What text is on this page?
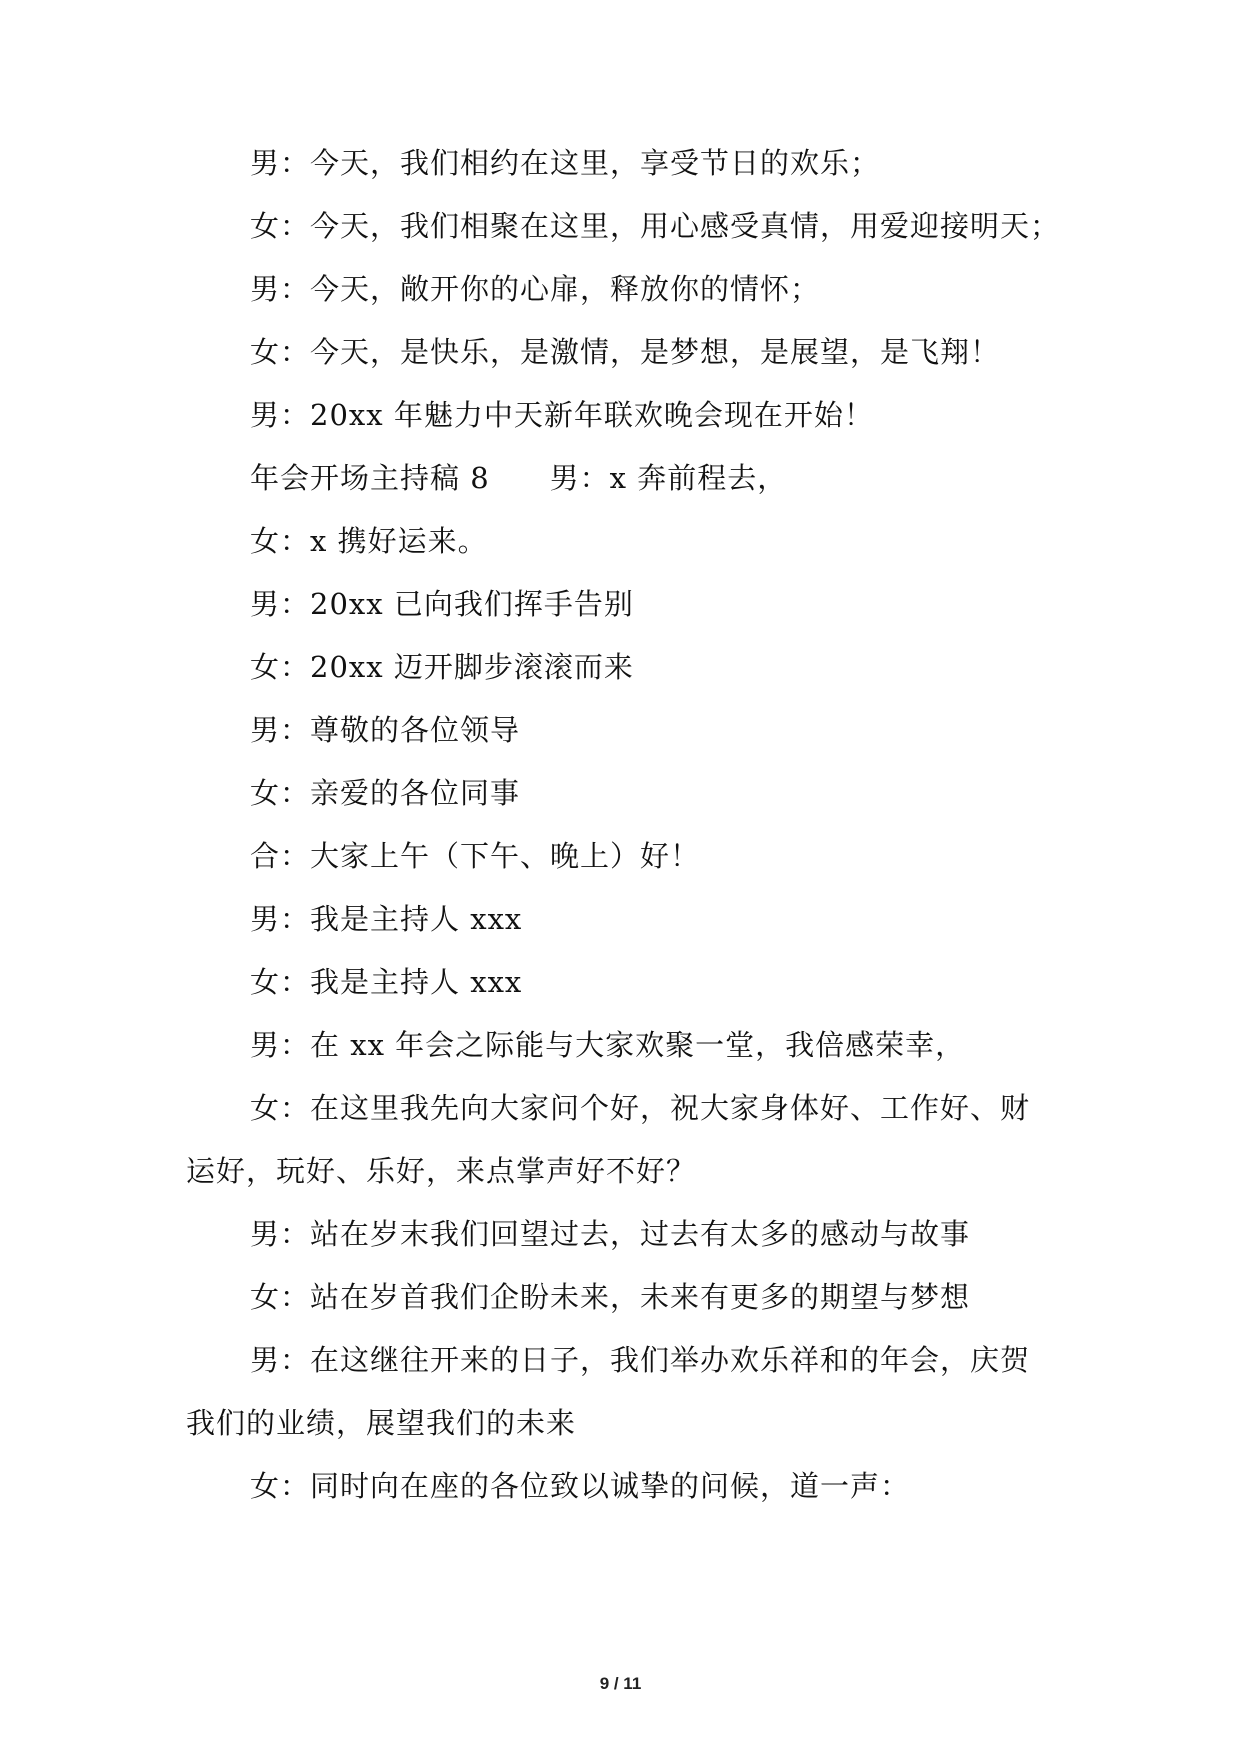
男：今天，我们相约在这里，享受节日的欢乐；
女：今天，我们相聚在这里，用心感受真情，用爱迎接明天；
男：今天，敞开你的心扉，释放你的情怀；
女：今天，是快乐，是激情，是梦想，是展望，是飞翔！
男：20xx 年魅力中天新年联欢晚会现在开始！
年会开场主持稿 8　　男：x 奔前程去，
女：x 携好运来。
男：20xx 已向我们挥手告别
女：20xx 迈开脚步滚滚而来
男：尊敬的各位领导
女：亲爱的各位同事
合：大家上午（下午、晚上）好！
男：我是主持人 xxx
女：我是主持人 xxx
男：在 xx 年会之际能与大家欢聚一堂，我倍感荣幸，
女：在这里我先向大家问个好，祝大家身体好、工作好、财
运好，玩好、乐好，来点掌声好不好？
男：站在岁末我们回望过去，过去有太多的感动与故事
女：站在岁首我们企盼未来，未来有更多的期望与梦想
男：在这继往开来的日子，我们举办欢乐祥和的年会，庆贺
我们的业绩，展望我们的未来
女：同时向在座的各位致以诚挚的问候，道一声：
9 / 11
